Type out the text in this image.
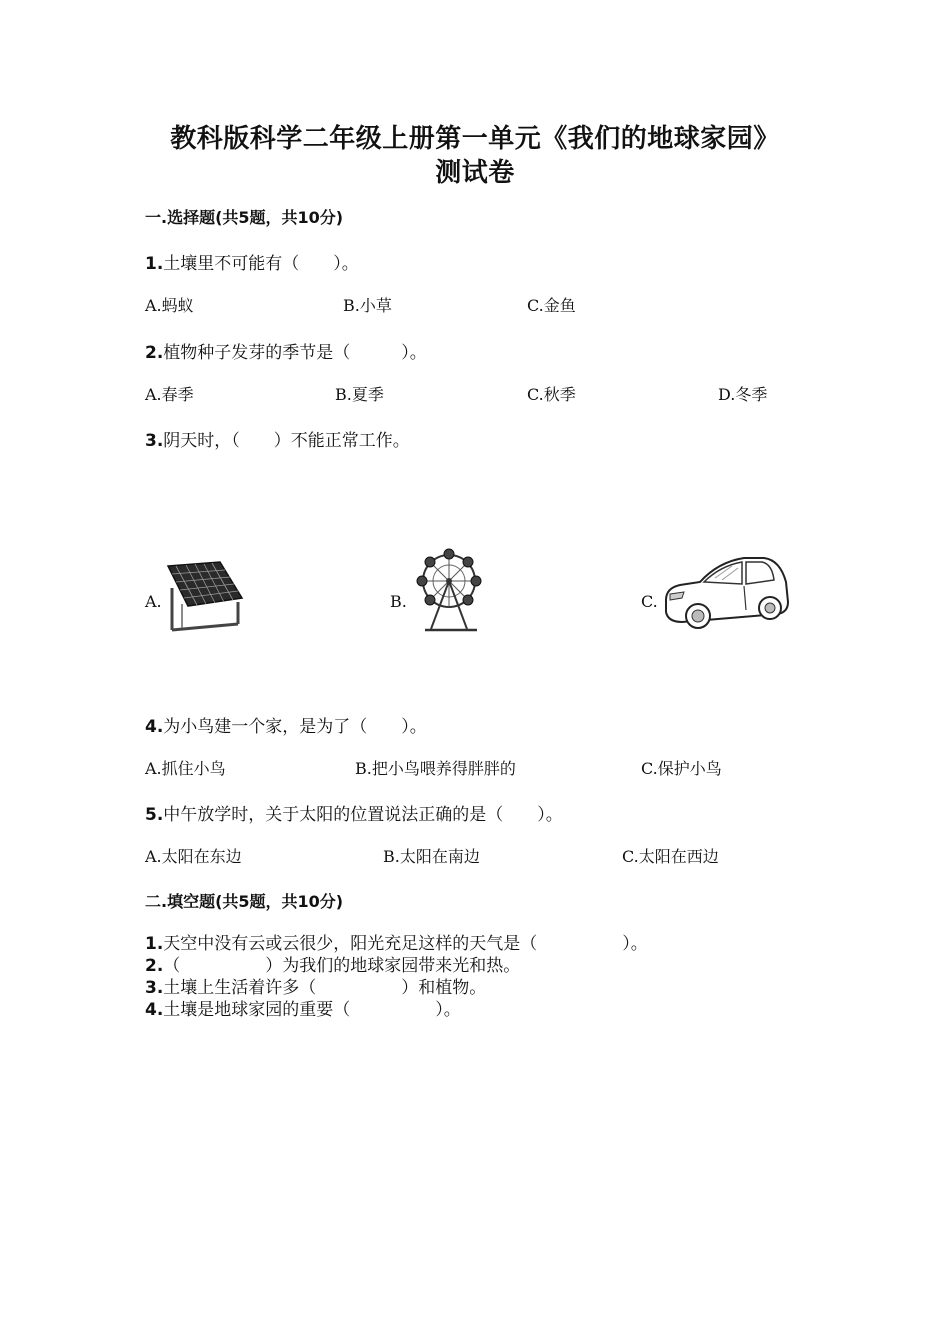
教科版科学二年级上册第一单元《我们的地球家园》
测试卷
一.选择题(共5题，共10分)
1.土壤里不可能有（　　）。
A.蚂蚁	B.小草	C.金鱼
2.植物种子发芽的季节是（　　　）。
A.春季	B.夏季	C.秋季	D.冬季
3.阴天时，（　　）不能正常工作。
A.	B.	C.
4.为小鸟建一个家，是为了（　　）。
A.抓住小鸟	B.把小鸟喂养得胖胖的	C.保护小鸟
5.中午放学时，关于太阳的位置说法正确的是（　　）。
A.太阳在东边	B.太阳在南边	C.太阳在西边
二.填空题(共5题，共10分)
1.天空中没有云或云很少，阳光充足这样的天气是（　　　　　）。
2.（　　　　　）为我们的地球家园带来光和热。
3.土壤上生活着许多（　　　　　）和植物。
4.土壤是地球家园的重要（　　　　　）。
